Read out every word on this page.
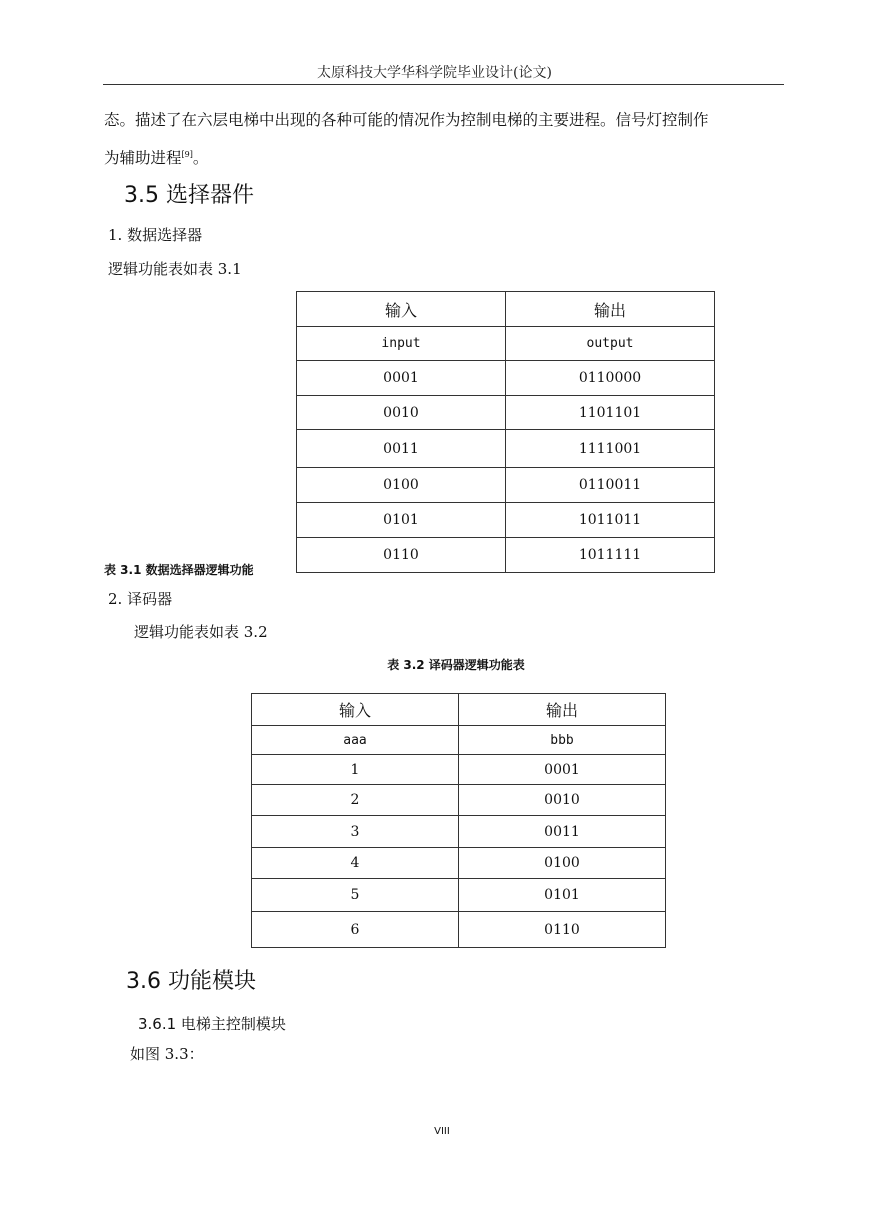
太原科技大学华科学院毕业设计(论文)
态。描述了在六层电梯中出现的各种可能的情况作为控制电梯的主要进程。信号灯控制作
为辅助进程[9]。
3.5 选择器件
1. 数据选择器
逻辑功能表如表 3.1
输入	输出
input	output
0001	0110000
0010	1101101
0011	1111001
0100	0110011
0101	1011011
0110	1011111
表 3.1 数据选择器逻辑功能
2. 译码器
逻辑功能表如表 3.2
表 3.2 译码器逻辑功能表
输入	输出
aaa	bbb
1	0001
2	0010
3	0011
4	0100
5	0101
6	0110
3.6 功能模块
3.6.1 电梯主控制模块
如图 3.3：
VIII
